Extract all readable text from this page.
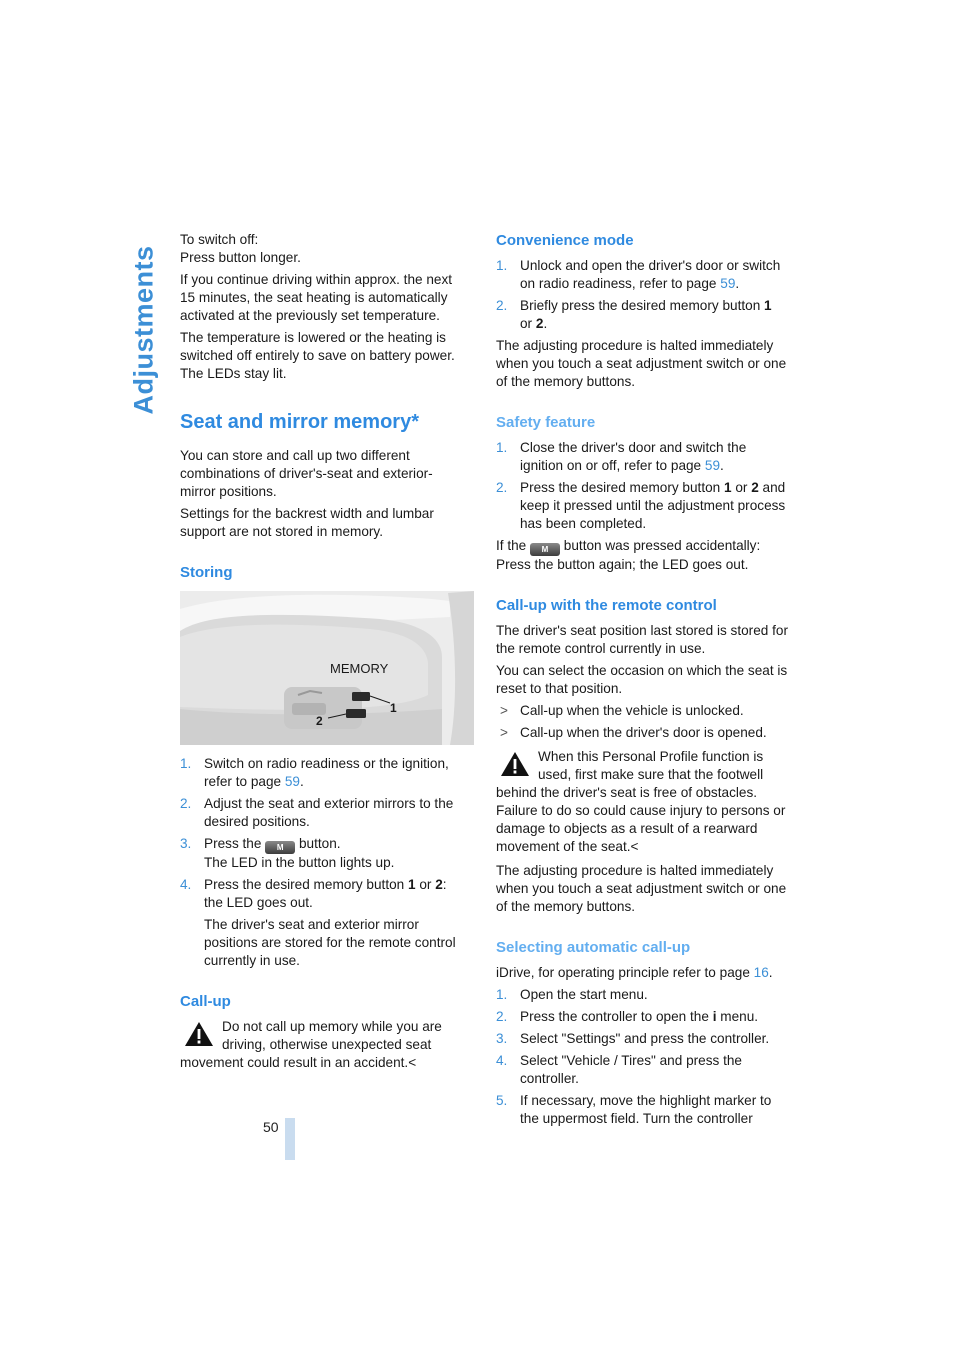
Adjustments

To switch off:
Press button longer.

If you continue driving within approx. the next 15 minutes, the seat heating is automatically activated at the previously set temperature.

The temperature is lowered or the heating is switched off entirely to save on battery power. The LEDs stay lit.

Seat and mirror memory*

You can store and call up two different combinations of driver's-seat and exterior-mirror positions.

Settings for the backrest width and lumbar support are not stored in memory.

Storing
MEMORY
1
2
1. Switch on radio readiness or the ignition, refer to page 59.
2. Adjust the seat and exterior mirrors to the desired positions.
3. Press the M button.
The LED in the button lights up.
4. Press the desired memory button 1 or 2: the LED goes out.
The driver's seat and exterior mirror positions are stored for the remote control currently in use.
Call-up
Do not call up memory while you are driving, otherwise unexpected seat movement could result in an accident.<
Convenience mode
1. Unlock and open the driver's door or switch on radio readiness, refer to page 59.
2. Briefly press the desired memory button 1
or 2.

The adjusting procedure is halted immediately when you touch a seat adjustment switch or one of the memory buttons.

Safety feature
1. Close the driver's door and switch the ignition on or off, refer to page 59.
2. Press the desired memory button 1 or 2 and keep it pressed until the adjustment process has been completed.

If the M button was pressed accidentally: Press the button again; the LED goes out.

Call-up with the remote control

The driver's seat position last stored is stored for the remote control currently in use.

You can select the occasion on which the seat is reset to that position.

> Call-up when the vehicle is unlocked.
> Call-up when the driver's door is opened.
When this Personal Profile function is used, first make sure that the footwell behind the driver's seat is free of obstacles. Failure to do so could cause injury to persons or damage to objects as a result of a rearward movement of the seat.<

The adjusting procedure is halted immediately when you touch a seat adjustment switch or one of the memory buttons.

Selecting automatic call-up

iDrive, for operating principle refer to page 16.

1. Open the start menu.
2. Press the controller to open the i menu.
3. Select "Settings" and press the controller.
4. Select "Vehicle / Tires" and press the controller.
5. If necessary, move the highlight marker to the uppermost field. Turn the controller
50
